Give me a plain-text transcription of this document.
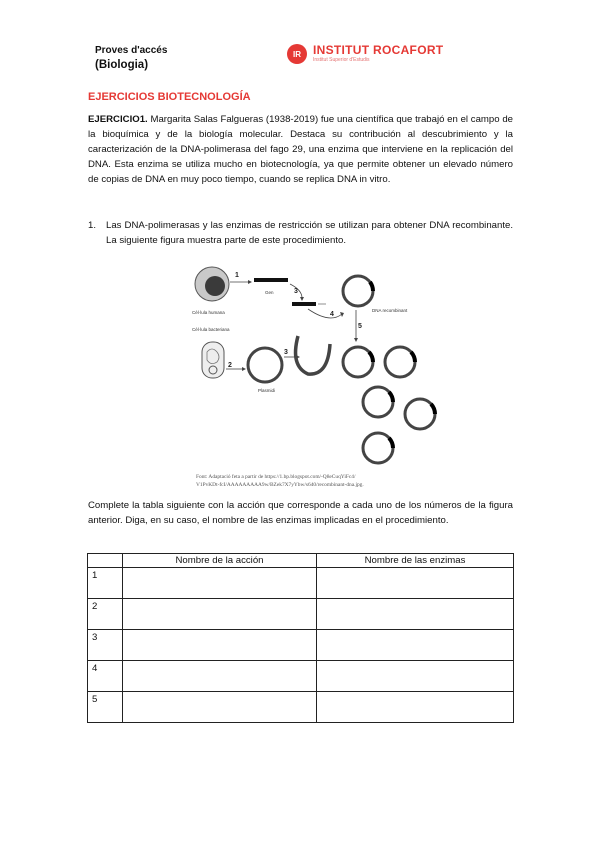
Proves d'accés
(Biologia)
IR	INSTITUT ROCAFORT
Institut Superior d'Estudis
EJERCICIOS BIOTECNOLOGÍA
EJERCICIO1. Margarita Salas Falgueras (1938-2019) fue una científica que trabajó en el campo de la bioquímica y de la biología molecular. Destaca su contribución al descubrimiento y la caracterización de la DNA-polimerasa del fago 29, una enzima que interviene en la replicación del DNA. Esta enzima se utiliza mucho en biotecnología, ya que permite obtener un elevado número de copias de DNA en muy poco tiempo, cuando se replica DNA in vitro.
1.	Las DNA-polimerasas y las enzimas de restricción se utilizan para obtener DNA recombinante. La siguiente figura muestra parte de este procedimiento.
Cèl·lula humana
1
Gen	3
4
DNA recombinant
Cèl·lula bacteriana
2
Plasmidi
3
5
Font: Adaptació feta a partir de https://1.bp.blogspot.com/-Q8eCuqYiFc4/
V1PvKDt-fcI/AAAAAAAAA9w/BZek7X7yYbw/s640/recombinant-dna.jpg.
Complete la tabla siguiente con la acción que corresponde a cada uno de los números de la figura anterior. Diga, en su caso, el nombre de las enzimas implicadas en el procedimiento.
	Nombre de la acción	Nombre de las enzimas
1		
2		
3		
4		
5		
